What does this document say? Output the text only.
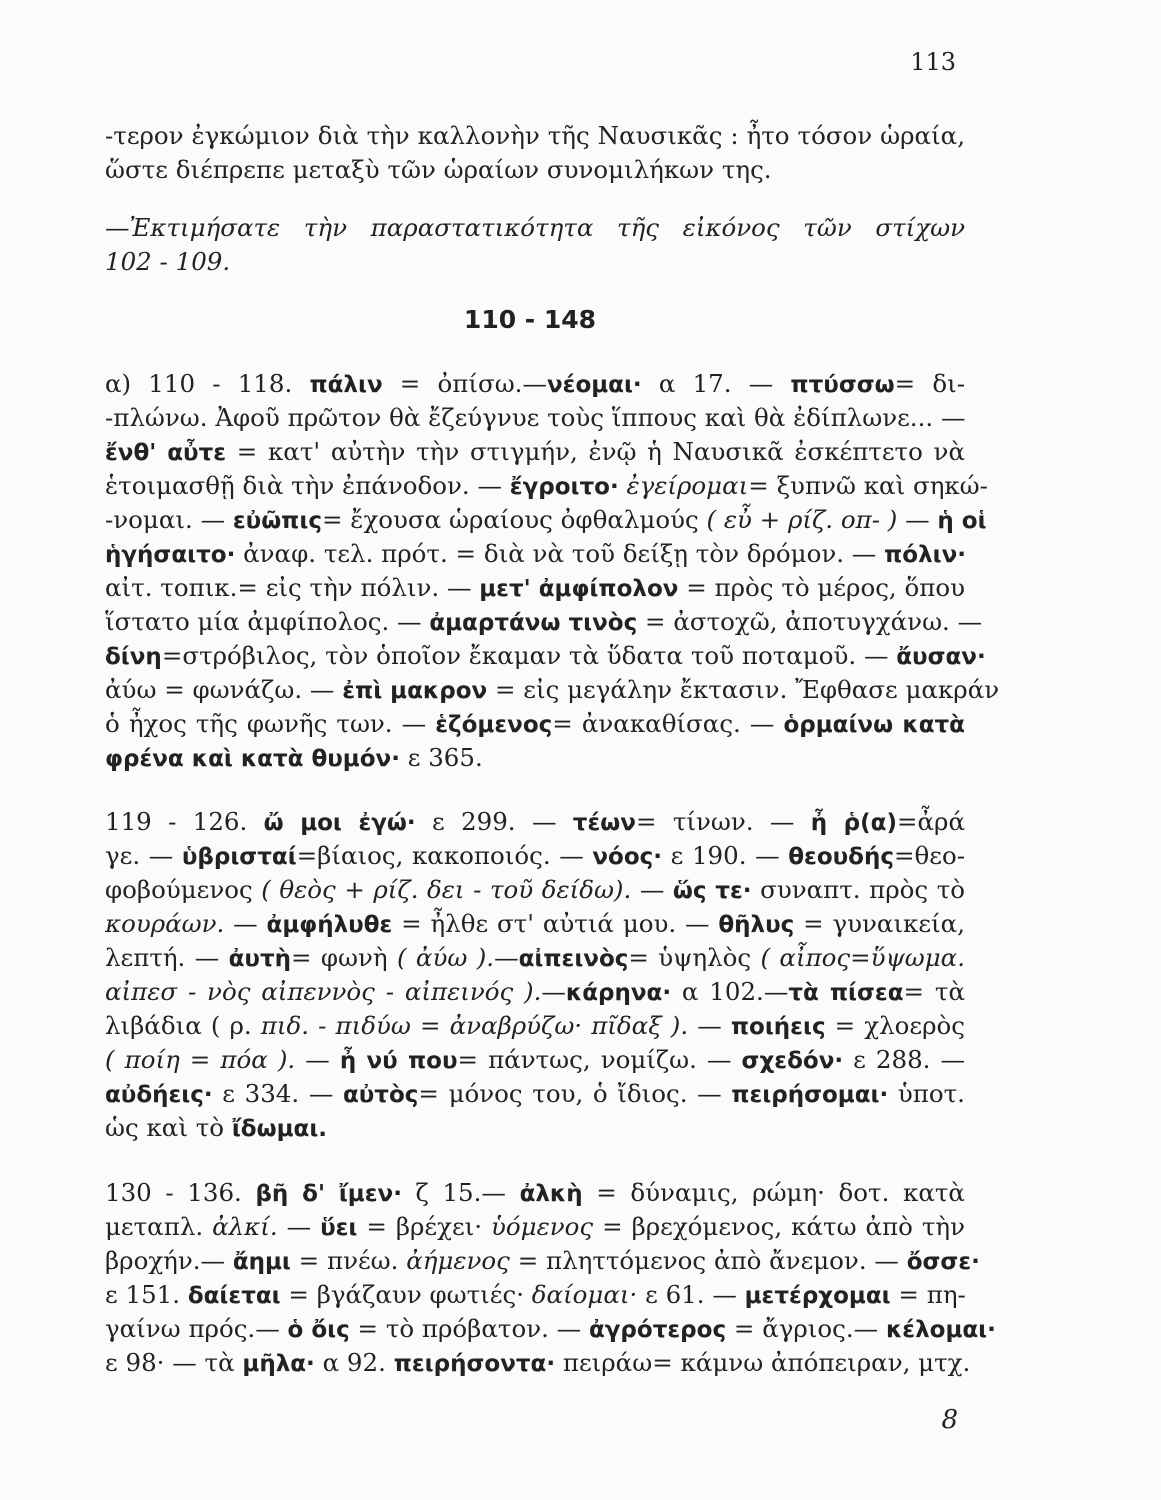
113
-τερον ἐγκώμιον διὰ τὴν καλλονὴν τῆς Ναυσικᾶς : ἦτο τόσον ὡραία,
ὥστε διέπρεπε μεταξὺ τῶν ὡραίων συνομιλήκων της.
—Ἐκτιμήσατε τὴν παραστατικότητα τῆς εἰκόνος τῶν στίχων
102 - 109.
110 - 148
α) 110 - 118. πάλιν = ὀπίσω.—νέομαι· α 17. — πτύσσω= δι-
-πλώνω. Ἀφοῦ πρῶτον θὰ ἔζεύγνυε τοὺς ἵππους καὶ θὰ ἐδίπλωνε... —
ἔνθ' αὖτε = κατ' αὐτὴν τὴν στιγμήν, ἐνῷ ἡ Ναυσικᾶ ἐσκέπτετο νὰ
ἑτοιμασθῇ διὰ τὴν ἐπάνοδον. — ἔγροιτο· ἐγείρομαι= ξυπνῶ καὶ σηκώ-
-νομαι. — εὐῶπις= ἔχουσα ὡραίους ὀφθαλμούς ( εὖ + ρίζ. οπ- ) — ἡ οἱ
ἡγήσαιτο· ἀναφ. τελ. πρότ. = διὰ νὰ τοῦ δείξῃ τὸν δρόμον. — πόλιν·
αἰτ. τοπικ.= εἰς τὴν πόλιν. — μετ' ἀμφίπολον = πρὸς τὸ μέρος, ὅπου
ἵστατο μία ἀμφίπολος. — ἀμαρτάνω τινὸς = ἀστοχῶ, ἀποτυγχάνω. —
δίνη=στρόβιλος, τὸν ὁποῖον ἔκαμαν τὰ ὕδατα τοῦ ποταμοῦ. — ἄυσαν·
ἀύω = φωνάζω. — ἐπὶ μακρον = εἰς μεγάλην ἔκτασιν. Ἔφθασε μακράν
ὁ ἦχος τῆς φωνῆς των. — ἑζόμενος= ἀνακαθίσας. — ὁρμαίνω κατὰ
φρένα καὶ κατὰ θυμόν· ε 365.
119 - 126. ὤ μοι ἐγώ· ε 299. — τέων= τίνων. — ἦ ῥ(α)=ἆρά
γε. — ὑβρισταί=βίαιος, κακοποιός. — νόος· ε 190. — θεουδής=θεο-
φοβούμενος ( θεὸς + ρίζ. δει - τοῦ δείδω). — ὥς τε· συναπτ. πρὸς τὸ
κουράων. — ἀμφήλυθε = ἦλθε στ' αὐτιά μου. — θῆλυς = γυναικεία,
λεπτή. — ἀυτὴ= φωνὴ ( ἀύω ).—αἰπεινὸς= ὑψηλὸς ( αἶπος=ὕψωμα.
αἰπεσ - νὸς αἰπεννὸς - αἰπεινός ).—κάρηνα· α 102.—τὰ πίσεα= τὰ
λιβάδια ( ρ. πιδ. - πιδύω = ἀναβρύζω· πῖδαξ ). — ποιήεις = χλοερὸς
( ποίη = πόα ). — ἦ νύ που= πάντως, νομίζω. — σχεδόν· ε 288. —
αὐδήεις· ε 334. — αὐτὸς= μόνος του, ὁ ἴδιος. — πειρήσομαι· ὑποτ.
ὡς καὶ τὸ ἴδωμαι.
130 - 136. βῆ δ' ἴμεν· ζ 15.— ἀλκὴ = δύναμις, ρώμη· δοτ. κατὰ
μεταπλ. ἀλκί. — ὕει = βρέχει· ὑόμενος = βρεχόμενος, κάτω ἀπὸ τὴν
βροχήν.— ἄημι = πνέω. ἀήμενος = πληττόμενος ἀπὸ ἄνεμον. — ὄσσε·
ε 151. δαίεται = βγάζαυν φωτιές· δαίομαι· ε 61. — μετέρχομαι = πη-
γαίνω πρός.— ὁ ὄις = τὸ πρόβατον. — ἀγρότερος = ἄγριος.— κέλομαι·
ε 98· — τὰ μῆλα· α 92. πειρήσοντα· πειράω= κάμνω ἀπόπειραν, μτχ.
8
